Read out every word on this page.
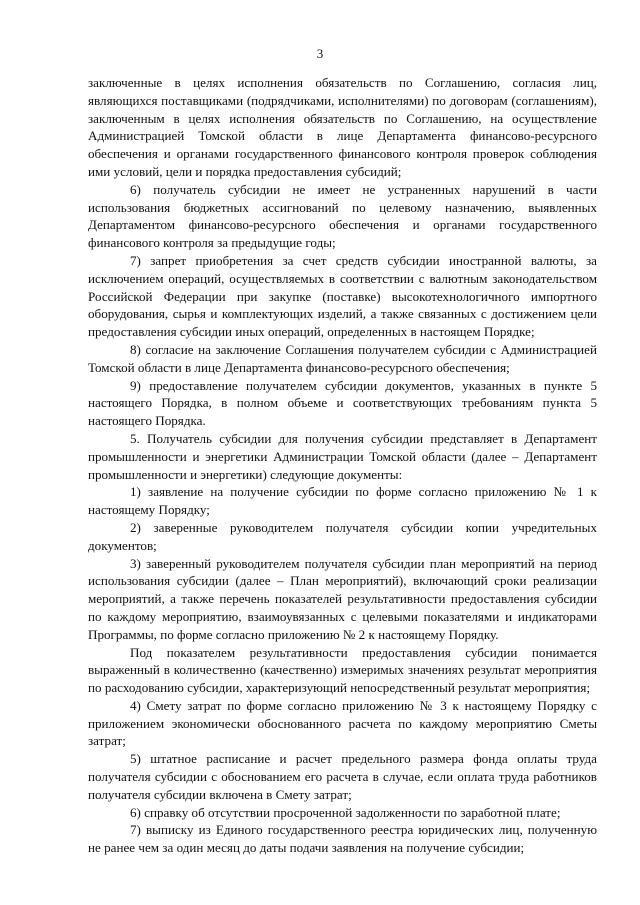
3

заключенные в целях исполнения обязательств по Соглашению, согласия лиц, являющихся поставщиками (подрядчиками, исполнителями) по договорам (соглашениям), заключенным в целях исполнения обязательств по Соглашению, на осуществление Администрацией Томской области в лице Департамента финансово-ресурсного обеспечения и органами государственного финансового контроля проверок соблюдения ими условий, цели и порядка предоставления субсидий;

6) получатель субсидии не имеет не устраненных нарушений в части использования бюджетных ассигнований по целевому назначению, выявленных Департаментом финансово-ресурсного обеспечения и органами государственного финансового контроля за предыдущие годы;

7) запрет приобретения за счет средств субсидии иностранной валюты, за исключением операций, осуществляемых в соответствии с валютным законодательством Российской Федерации при закупке (поставке) высокотехнологичного импортного оборудования, сырья и комплектующих изделий, а также связанных с достижением цели предоставления субсидии иных операций, определенных в настоящем Порядке;

8) согласие на заключение Соглашения получателем субсидии с Администрацией Томской области в лице Департамента финансово-ресурсного обеспечения;

9) предоставление получателем субсидии документов, указанных в пункте 5 настоящего Порядка, в полном объеме и соответствующих требованиям пункта 5 настоящего Порядка.

5. Получатель субсидии для получения субсидии представляет в Департамент промышленности и энергетики Администрации Томской области (далее – Департамент промышленности и энергетики) следующие документы:

1) заявление на получение субсидии по форме согласно приложению № 1 к настоящему Порядку;

2) заверенные руководителем получателя субсидии копии учредительных документов;

3) заверенный руководителем получателя субсидии план мероприятий на период использования субсидии (далее – План мероприятий), включающий сроки реализации мероприятий, а также перечень показателей результативности предоставления субсидии по каждому мероприятию, взаимоувязанных с целевыми показателями и индикаторами Программы, по форме согласно приложению № 2 к настоящему Порядку.

Под показателем результативности предоставления субсидии понимается выраженный в количественно (качественно) измеримых значениях результат мероприятия по расходованию субсидии, характеризующий непосредственный результат мероприятия;

4) Смету затрат по форме согласно приложению № 3 к настоящему Порядку с приложением экономически обоснованного расчета по каждому мероприятию Сметы затрат;

5) штатное расписание и расчет предельного размера фонда оплаты труда получателя субсидии с обоснованием его расчета в случае, если оплата труда работников получателя субсидии включена в Смету затрат;

6) справку об отсутствии просроченной задолженности по заработной плате;

7) выписку из Единого государственного реестра юридических лиц, полученную не ранее чем за один месяц до даты подачи заявления на получение субсидии;
